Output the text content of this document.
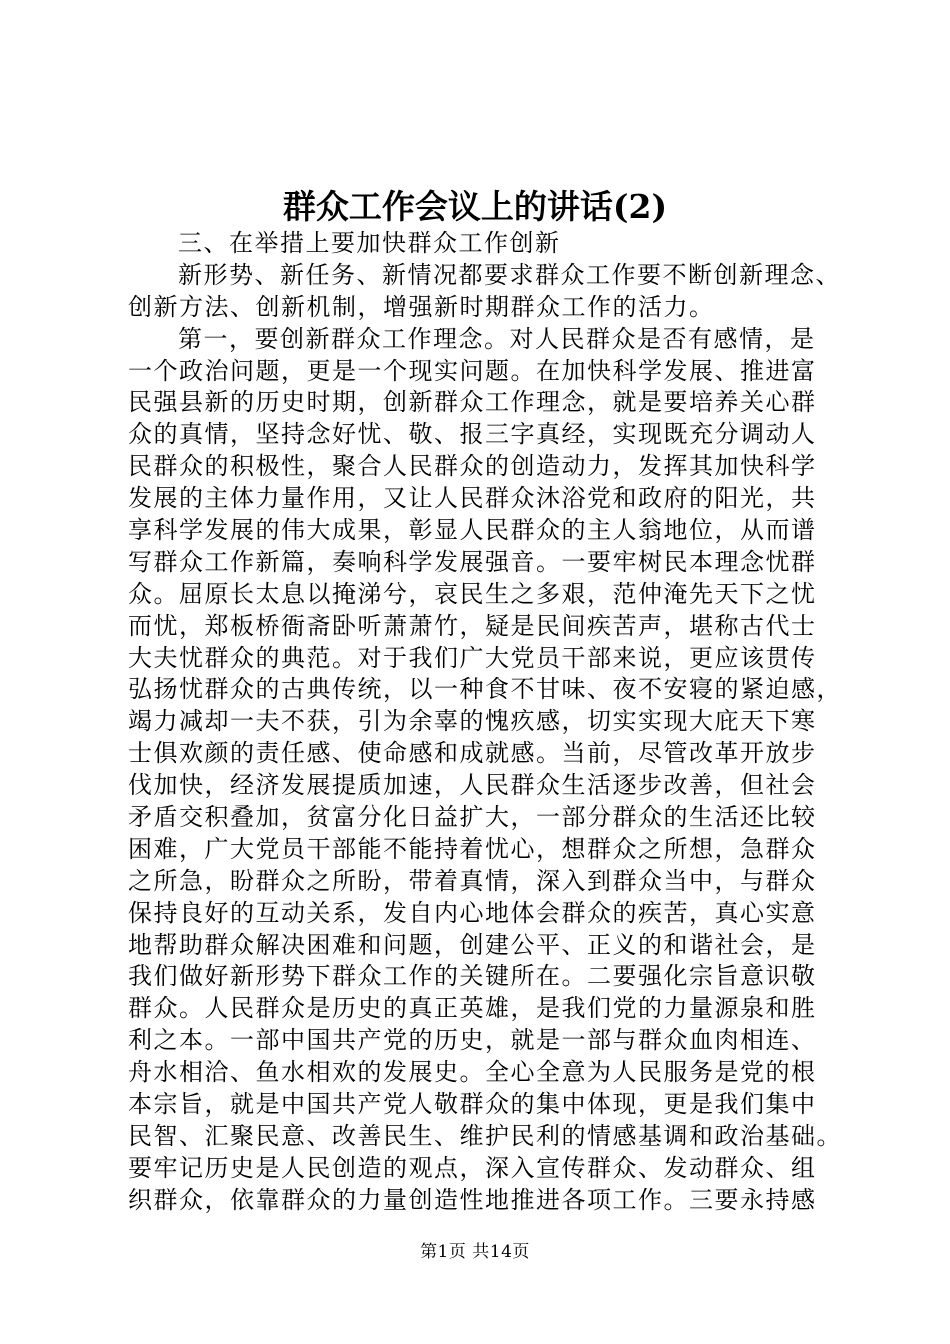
群众工作会议上的讲话(2)
三、在举措上要加快群众工作创新
新形势、新任务、新情况都要求群众工作要不断创新理念、
创新方法、创新机制，增强新时期群众工作的活力。
第一，要创新群众工作理念。对人民群众是否有感情，是
一个政治问题，更是一个现实问题。在加快科学发展、推进富
民强县新的历史时期，创新群众工作理念，就是要培养关心群
众的真情，坚持念好忧、敬、报三字真经，实现既充分调动人
民群众的积极性，聚合人民群众的创造动力，发挥其加快科学
发展的主体力量作用，又让人民群众沐浴党和政府的阳光，共
享科学发展的伟大成果，彰显人民群众的主人翁地位，从而谱
写群众工作新篇，奏响科学发展强音。一要牢树民本理念忧群
众。屈原长太息以掩涕兮，哀民生之多艰，范仲淹先天下之忧
而忧，郑板桥衙斋卧听萧萧竹，疑是民间疾苦声，堪称古代士
大夫忧群众的典范。对于我们广大党员干部来说，更应该贯传
弘扬忧群众的古典传统，以一种食不甘味、夜不安寝的紧迫感，
竭力减却一夫不获，引为余辜的愧疚感，切实实现大庇天下寒
士俱欢颜的责任感、使命感和成就感。当前，尽管改革开放步
伐加快，经济发展提质加速，人民群众生活逐步改善，但社会
矛盾交积叠加，贫富分化日益扩大，一部分群众的生活还比较
困难，广大党员干部能不能持着忧心，想群众之所想，急群众
之所急，盼群众之所盼，带着真情，深入到群众当中，与群众
保持良好的互动关系，发自内心地体会群众的疾苦，真心实意
地帮助群众解决困难和问题，创建公平、正义的和谐社会，是
我们做好新形势下群众工作的关键所在。二要强化宗旨意识敬
群众。人民群众是历史的真正英雄，是我们党的力量源泉和胜
利之本。一部中国共产党的历史，就是一部与群众血肉相连、
舟水相洽、鱼水相欢的发展史。全心全意为人民服务是党的根
本宗旨，就是中国共产党人敬群众的集中体现，更是我们集中
民智、汇聚民意、改善民生、维护民利的情感基调和政治基础。
要牢记历史是人民创造的观点，深入宣传群众、发动群众、组
织群众，依靠群众的力量创造性地推进各项工作。三要永持感
第1页 共14页
